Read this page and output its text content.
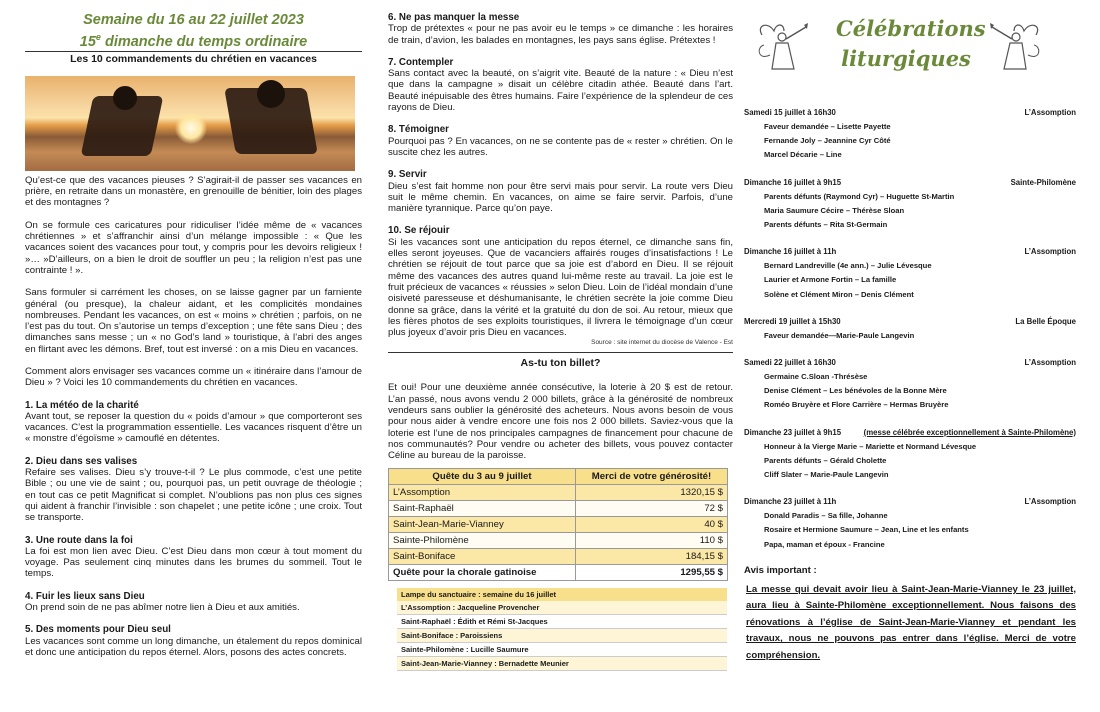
Semaine du 16 au 22 juillet 2023
15e dimanche du temps ordinaire
Les 10 commandements du chrétien en vacances
Qu’est-ce que des vacances pieuses ? S’agirait-il de passer ses vacances en prière, en retraite dans un monastère, en grenouille de bénitier, loin des plages et des montagnes ?
On se formule ces caricatures pour ridiculiser l’idée même de « vacances chrétiennes » et s’affranchir ainsi d’un mélange impossible : « Que les vacances soient des vacances pour tout, y compris pour les devoirs religieux ! »… »D’ailleurs, on a bien le droit de souffler un peu ; la religion n’est pas une contrainte ! ».
Sans formuler si carrément les choses, on se laisse gagner par un farniente général (ou presque), la chaleur aidant, et les complicités mondaines nombreuses. Pendant les vacances, on est « moins » chrétien ; parfois, on ne l’est pas du tout. On s’autorise un temps d’exception ; une fête sans Dieu ; des dimanches sans messe ; un « no God’s land » touristique, à l’abri des anges en flirtant avec les démons. Bref, tout est inversé : on a mis Dieu en vacances.
Comment alors envisager ses vacances comme un « itinéraire dans l’amour de Dieu » ? Voici les 10 commandements du chrétien en vacances.
1. La météo de la charité
Avant tout, se reposer la question du « poids d’amour » que comporteront ses vacances. C’est la programmation essentielle. Les vacances risquent d’être un « monstre d’égoïsme » camouflé en détentes.
2. Dieu dans ses valises
Refaire ses valises. Dieu s’y trouve-t-il ? Le plus commode, c’est une petite Bible ; ou une vie de saint ; ou, pourquoi pas, un petit ouvrage de théologie ; en tout cas ce petit Magnificat si complet. N’oublions pas non plus ces signes qui aident à franchir l’invisible : son chapelet ; une petite icône ; une croix. Tout se transporte.
3. Une route dans la foi
La foi est mon lien avec Dieu. C’est Dieu dans mon cœur à tout moment du voyage. Pas seulement cinq minutes dans les brumes du sommeil. Tout le temps.
4. Fuir les lieux sans Dieu
On prend soin de ne pas abîmer notre lien à Dieu et aux amitiés.
5. Des moments pour Dieu seul
Les vacances sont comme un long dimanche, un étalement du repos dominical et donc une anticipation du repos éternel. Alors, posons des actes concrets.
6. Ne pas manquer la messe
Trop de prétextes « pour ne pas avoir eu le temps » ce dimanche : les horaires de train, d’avion, les balades en montagnes, les pays sans église. Prétextes !
7. Contempler
Sans contact avec la beauté, on s’aigrit vite. Beauté de la nature : « Dieu n’est que dans la campagne » disait un célèbre citadin athée. Beauté dans l’art. Beauté inépuisable des êtres humains. Faire l’expérience de la splendeur de ces rayons de Dieu.
8. Témoigner
Pourquoi pas ? En vacances, on ne se contente pas de « rester » chrétien. On le suscite chez les autres.
9. Servir
Dieu s’est fait homme non pour être servi mais pour servir. La route vers Dieu suit le même chemin. En vacances, on aime se faire servir. Parfois, d’une manière tyrannique. Parce qu’on paye.
10. Se réjouir
Si les vacances sont une anticipation du repos éternel, ce dimanche sans fin, elles seront joyeuses. Que de vacanciers affairés rouges d’insatisfactions ! Le chrétien se réjouit de tout parce que sa joie est d’abord en Dieu. Il se réjouit même des vacances des autres quand lui-même reste au travail. La joie est le fruit précieux de vacances « réussies » selon Dieu. Loin de l’idéal mondain d’une oisiveté paresseuse et déshumanisante, le chrétien secrète la joie comme Dieu donne sa grâce, dans la vérité et la gratuité du don de soi. Au retour, mieux que les fières photos de ses exploits touristiques, il livrera le témoignage d’un cœur plus joyeux d’avoir pris Dieu en vacances.
Source : site internet du diocèse de Valence - Est
As-tu ton billet?
Et oui! Pour une deuxième année consécutive, la loterie à 20 $ est de retour. L’an passé, nous avons vendu 2 000 billets, grâce à la générosité de nombreux vendeurs sans oublier la générosité des acheteurs. Nous avons besoin de vous pour nous aider à vendre encore une fois nos 2 000 billets. Saviez-vous que la loterie est l’une de nos principales campagnes de financement pour chacune de nos communautés? Pour vendre ou acheter des billets, vous pouvez contacter Céline au bureau de la paroisse.
Quête du 3 au 9 juillet	Merci de votre générosité!
L’Assomption	1320,15 $
Saint-Raphaël	72 $
Saint-Jean-Marie-Vianney	40 $
Sainte-Philomène	110 $
Saint-Boniface	184,15 $
Quête pour la chorale gatinoise	1295,55 $
Lampe du sanctuaire : semaine du 16 juillet
L’Assomption : Jacqueline Provencher
Saint-Raphaël : Édith et Rémi St-Jacques
Saint-Boniface : Paroissiens
Sainte-Philomène : Lucille Saumure
Saint-Jean-Marie-Vianney : Bernadette Meunier
Célébrations
liturgiques
Samedi 15 juillet à 16h30	L’Assomption
Faveur demandée – Lisette Payette
Fernande Joly – Jeannine Cyr Côté
Marcel Décarie – Line
Dimanche 16 juillet à 9h15	Sainte-Philomène
Parents défunts (Raymond Cyr) – Huguette St-Martin
Maria Saumure Cécire – Thérèse Sloan
Parents défunts – Rita St-Germain
Dimanche 16 juillet à 11h	L’Assomption
Bernard Landreville (4e ann.) – Julie Lévesque
Laurier et Armone Fortin – La famille
Solène et Clément Miron – Denis Clément
Mercredi 19 juillet à 15h30	La Belle Époque
Faveur demandée—Marie-Paule Langevin
Samedi 22 juillet à 16h30	L’Assomption
Germaine C.Sloan -Thrésèse
Denise Clément – Les bénévoles de la Bonne Mère
Roméo Bruyère et Flore Carrière – Hermas Bruyère
Dimanche 23 juillet à 9h15	(messe célébrée exceptionnellement à Sainte-Philomène)
Honneur à la Vierge Marie – Mariette et Normand Lévesque
Parents défunts – Gérald Cholette
Cliff Slater – Marie-Paule Langevin
Dimanche 23 juillet à 11h	L’Assomption
Donald Paradis – Sa fille, Johanne
Rosaire et Hermione Saumure – Jean, Line et les enfants
Papa, maman et époux - Francine
Avis important :
La messe qui devait avoir lieu à Saint-Jean-Marie-Vianney le 23 juillet, aura lieu à Sainte-Philomène exceptionnellement. Nous faisons des rénovations à l’église de Saint-Jean-Marie-Vianney et pendant les travaux, nous ne pouvons pas entrer dans l’église. Merci de votre compréhension.
